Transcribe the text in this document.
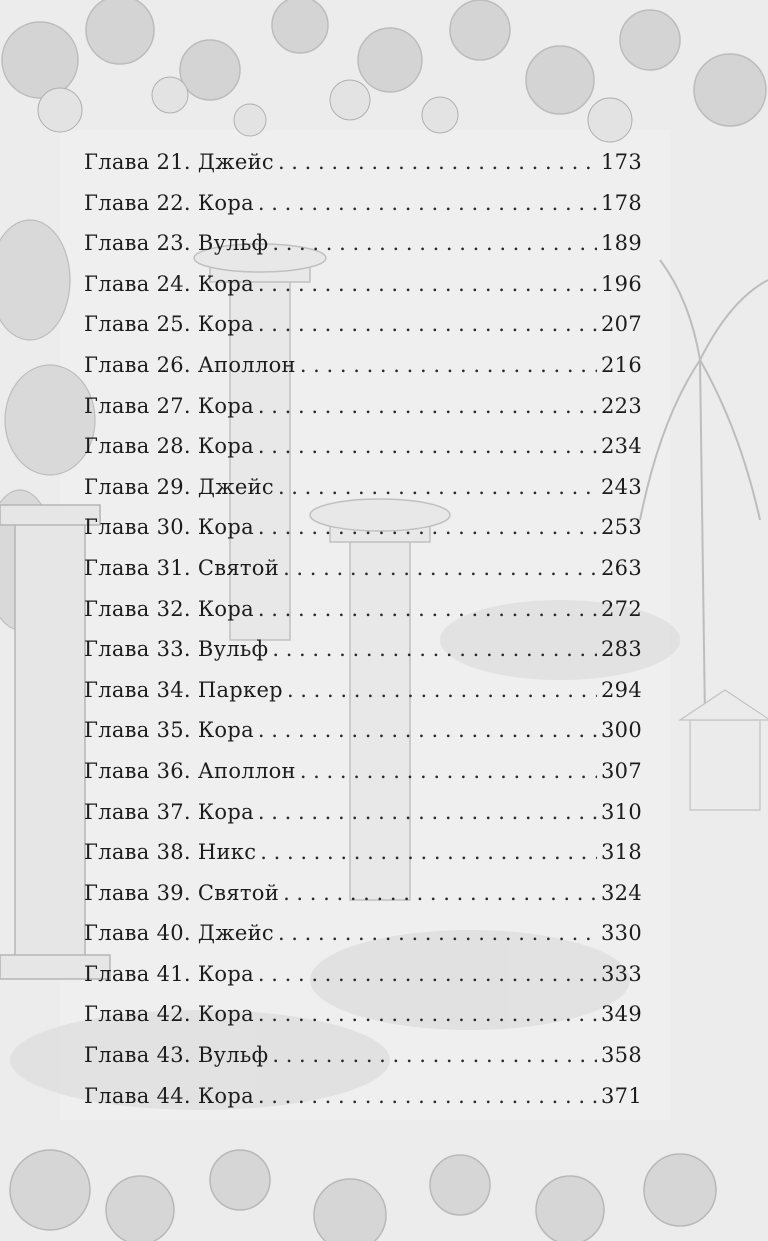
Глава 21. Джейс . . .	173
Глава 22. Кора . . .	178
Глава 23. Вульф . . .	189
Глава 24. Кора . . .	196
Глава 25. Кора . . .	207
Глава 26. Аполлон . . .	216
Глава 27. Кора . . .	223
Глава 28. Кора . . .	234
Глава 29. Джейс . . .	243
Глава 30. Кора . . .	253
Глава 31. Святой . . .	263
Глава 32. Кора . . .	272
Глава 33. Вульф . . .	283
Глава 34. Паркер . . .	294
Глава 35. Кора . . .	300
Глава 36. Аполлон . . .	307
Глава 37. Кора . . .	310
Глава 38. Никс . . .	318
Глава 39. Святой . . .	324
Глава 40. Джейс . . .	330
Глава 41. Кора . . .	333
Глава 42. Кора . . .	349
Глава 43. Вульф . . .	358
Глава 44. Кора . . .	371
